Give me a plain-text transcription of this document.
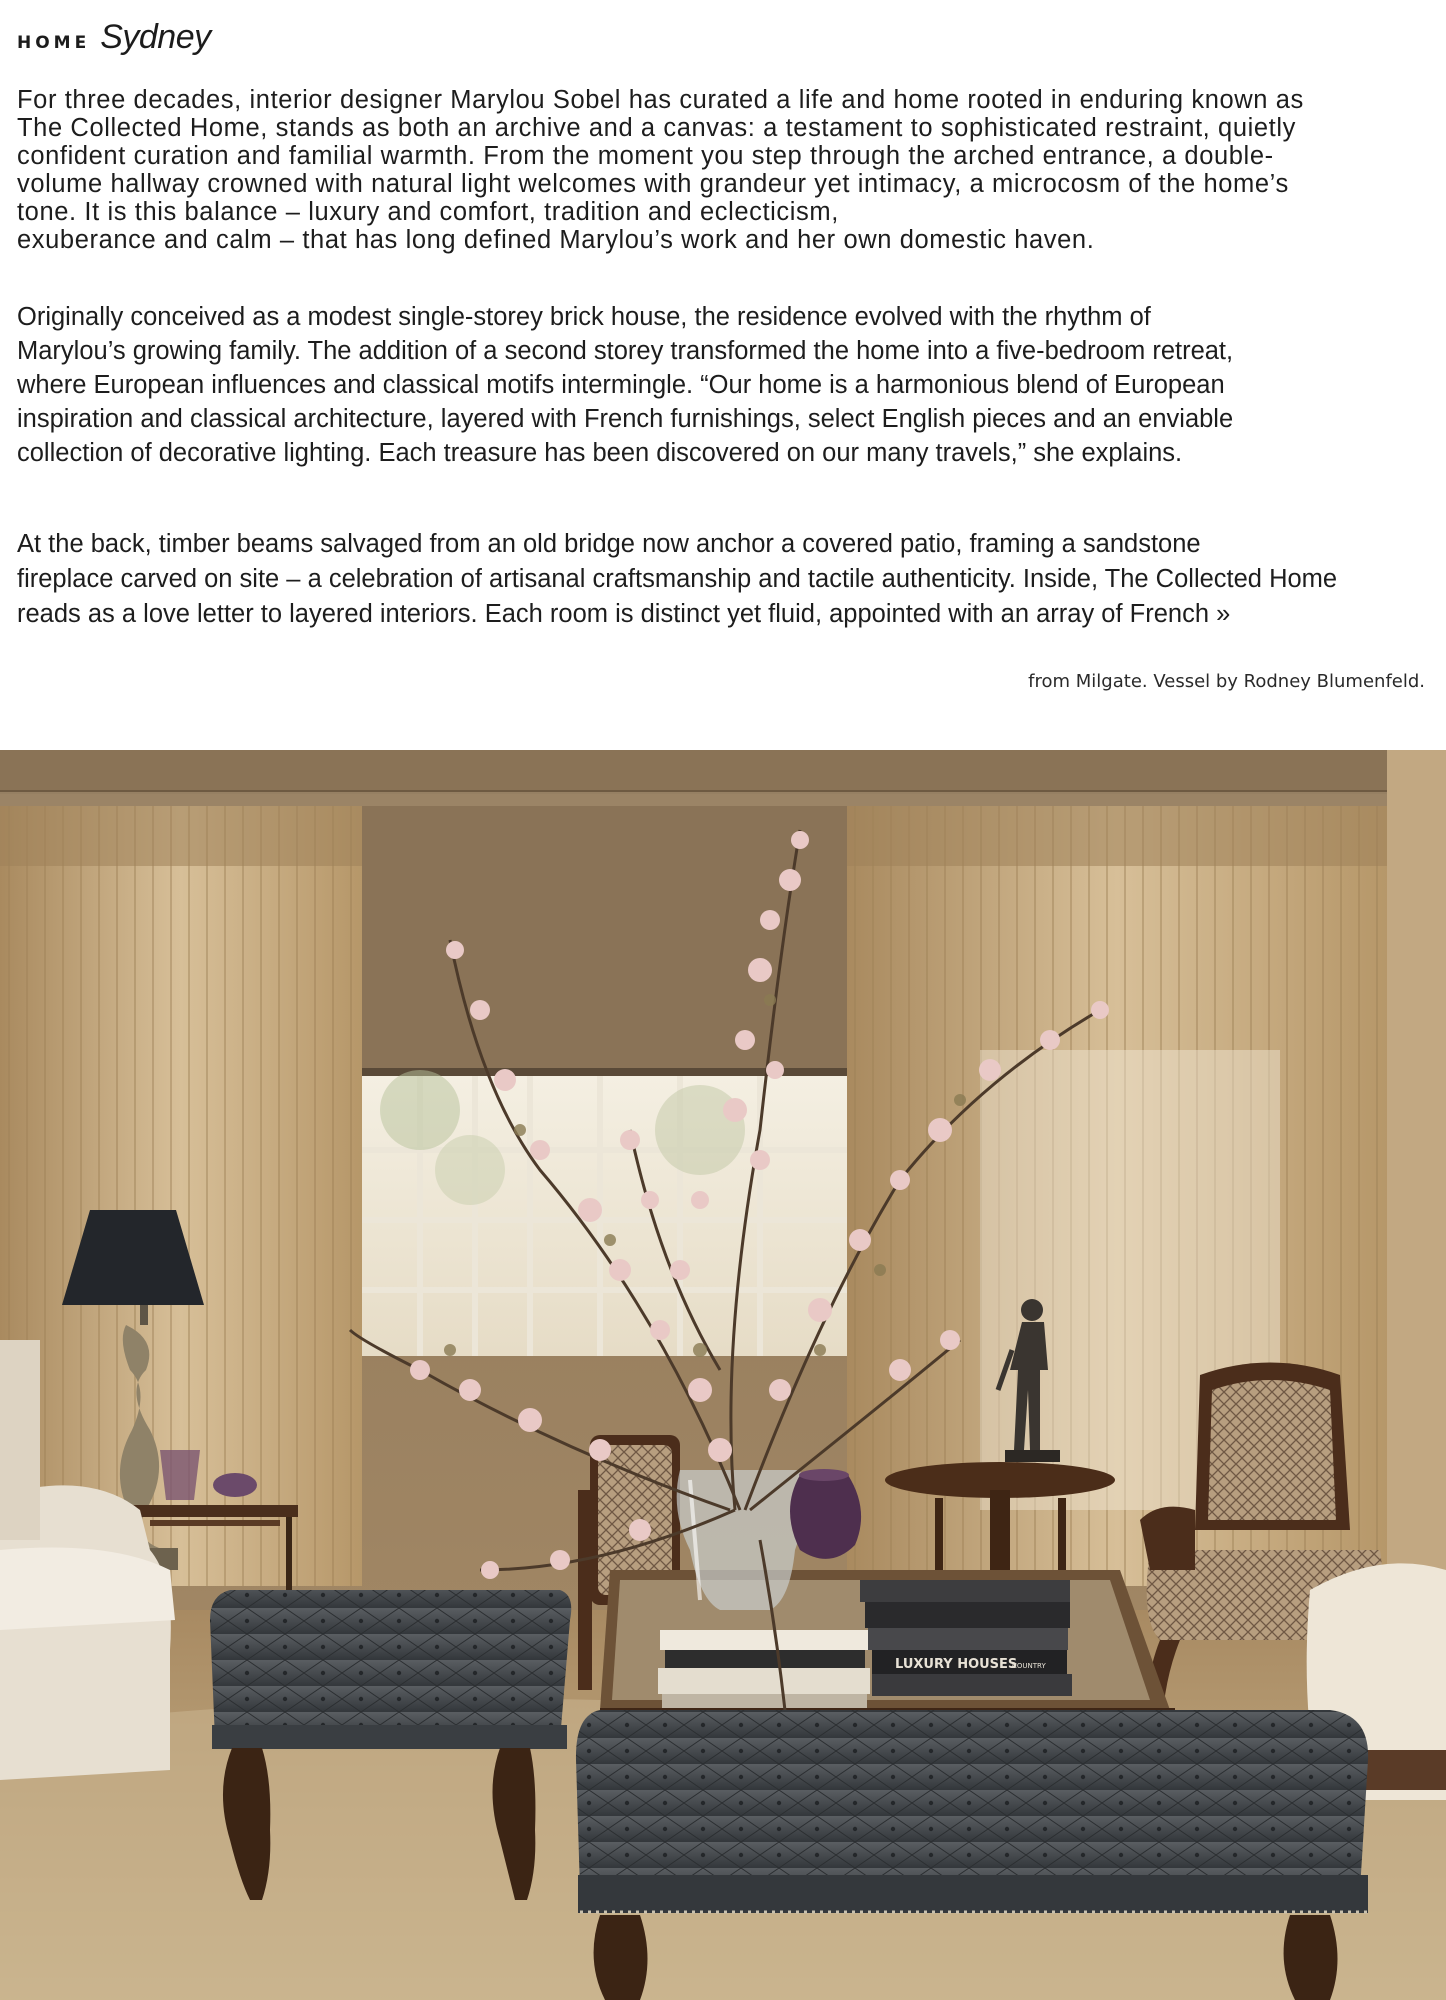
HOME Sydney

For three decades, interior designer Marylou Sobel has curated a life and home rooted in enduring known as
The Collected Home, stands as both an archive and a canvas: a testament to sophisticated restraint, quietly
confident curation and familial warmth. From the moment you step through the arched entrance, a double-
volume hallway crowned with natural light welcomes with grandeur yet intimacy, a microcosm of the home’s
tone. It is this balance – luxury and comfort, tradition and eclecticism,
exuberance and calm – that has long defined Marylou’s work and her own domestic haven.

Originally conceived as a modest single-storey brick house, the residence evolved with the rhythm of
Marylou’s growing family. The addition of a second storey transformed the home into a five-bedroom retreat,
where European influences and classical motifs intermingle. “Our home is a harmonious blend of European
inspiration and classical architecture, layered with French furnishings, select English pieces and an enviable
collection of decorative lighting. Each treasure has been discovered on our many travels,” she explains.

At the back, timber beams salvaged from an old bridge now anchor a covered patio, framing a sandstone
fireplace carved on site – a celebration of artisanal craftsmanship and tactile authenticity. Inside, The Collected Home
reads as a love letter to layered interiors. Each room is distinct yet fluid, appointed with an array of French »

from Milgate. Vessel by Rodney Blumenfeld.
LUXURY HOUSES
COUNTRY
